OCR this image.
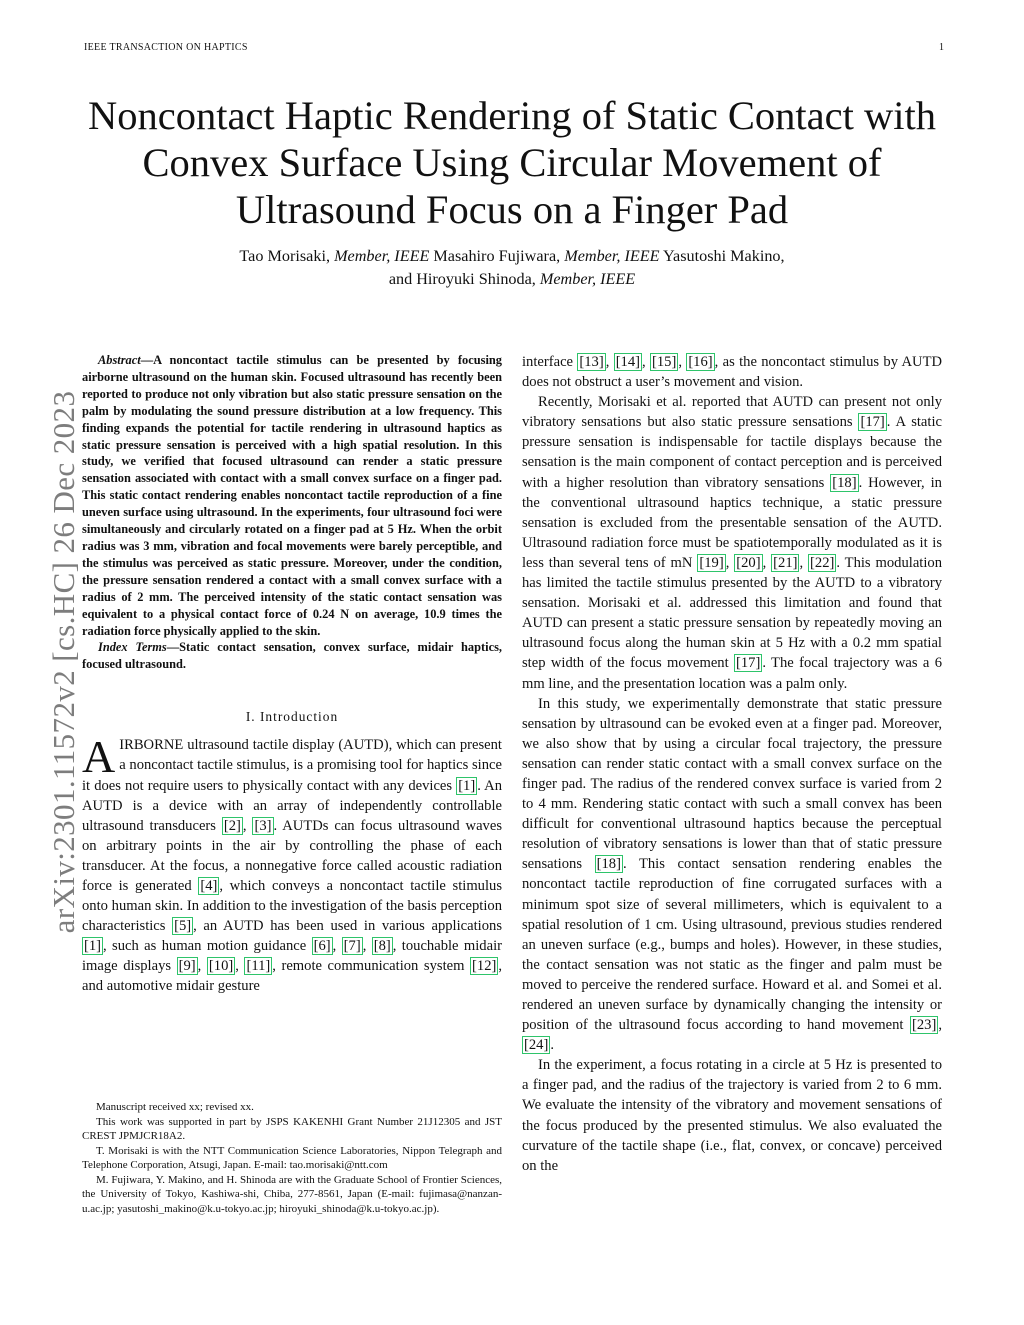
IEEE TRANSACTION ON HAPTICS	1
arXiv:2301.11572v2 [cs.HC] 26 Dec 2023
Noncontact Haptic Rendering of Static Contact with
Convex Surface Using Circular Movement of
Ultrasound Focus on a Finger Pad
Tao Morisaki, Member, IEEE Masahiro Fujiwara, Member, IEEE Yasutoshi Makino,
and Hiroyuki Shinoda, Member, IEEE

Abstract—A noncontact tactile stimulus can be presented by focusing airborne ultrasound on the human skin. Focused ultrasound has recently been reported to produce not only vibration but also static pressure sensation on the palm by modulating the sound pressure distribution at a low frequency. This finding expands the potential for tactile rendering in ultrasound haptics as static pressure sensation is perceived with a high spatial resolution. In this study, we verified that focused ultrasound can render a static pressure sensation associated with contact with a small convex surface on a finger pad. This static contact rendering enables noncontact tactile reproduction of a fine uneven surface using ultrasound. In the experiments, four ultrasound foci were simultaneously and circularly rotated on a finger pad at 5 Hz. When the orbit radius was 3 mm, vibration and focal movements were barely perceptible, and the stimulus was perceived as static pressure. Moreover, under the condition, the pressure sensation rendered a contact with a small convex surface with a radius of 2 mm. The perceived intensity of the static contact sensation was equivalent to a physical contact force of 0.24 N on average, 10.9 times the radiation force physically applied to the skin.

Index Terms—Static contact sensation, convex surface, midair haptics, focused ultrasound.

I. Introduction

AIRBORNE ultrasound tactile display (AUTD), which can present a noncontact tactile stimulus, is a promising tool for haptics since it does not require users to physically contact with any devices [1] . An AUTD is a device with an array of independently controllable ultrasound transducers [2] , [3] . AUTDs can focus ultrasound waves on arbitrary points in the air by controlling the phase of each transducer. At the focus, a nonnegative force called acoustic radiation force is generated [4] , which conveys a noncontact tactile stimulus onto human skin. In addition to the investigation of the basis perception characteristics [5] , an AUTD has been used in various applications [1] , such as human motion guidance [6] , [7] , [8] , touchable midair image displays [9] , [10] , [11] , remote communication system [12] , and automotive midair gesture

Manuscript received xx; revised xx.

This work was supported in part by JSPS KAKENHI Grant Number 21J12305 and JST CREST JPMJCR18A2.

T. Morisaki is with the NTT Communication Science Laboratories, Nippon Telegraph and Telephone Corporation, Atsugi, Japan. E-mail: tao.morisaki@ntt.com

M. Fujiwara, Y. Makino, and H. Shinoda are with the Graduate School of Frontier Sciences, the University of Tokyo, Kashiwa-shi, Chiba, 277-8561, Japan (E-mail: fujimasa@nanzan-u.ac.jp; yasutoshi_makino@k.u-tokyo.ac.jp; hiroyuki_shinoda@k.u-tokyo.ac.jp).

interface [13] , [14] , [15] , [16] , as the noncontact stimulus by AUTD does not obstruct a user’s movement and vision.

Recently, Morisaki et al. reported that AUTD can present not only vibratory sensations but also static pressure sensations [17] . A static pressure sensation is indispensable for tactile displays because the sensation is the main component of contact perception and is perceived with a higher resolution than vibratory sensations [18] . However, in the conventional ultrasound haptics technique, a static pressure sensation is excluded from the presentable sensation of the AUTD. Ultrasound radiation force must be spatiotemporally modulated as it is less than several tens of mN [19] , [20] , [21] , [22] . This modulation has limited the tactile stimulus presented by the AUTD to a vibratory sensation. Morisaki et al. addressed this limitation and found that AUTD can present a static pressure sensation by repeatedly moving an ultrasound focus along the human skin at 5 Hz with a 0.2 mm spatial step width of the focus movement [17] . The focal trajectory was a 6 mm line, and the presentation location was a palm only.

In this study, we experimentally demonstrate that static pressure sensation by ultrasound can be evoked even at a finger pad. Moreover, we also show that by using a circular focal trajectory, the pressure sensation can render static contact with a small convex surface on the finger pad. The radius of the rendered convex surface is varied from 2 to 4 mm. Rendering static contact with such a small convex has been difficult for conventional ultrasound haptics because the perceptual resolution of vibratory sensations is lower than that of static pressure sensations [18] . This contact sensation rendering enables the noncontact tactile reproduction of fine corrugated surfaces with a minimum spot size of several millimeters, which is equivalent to a spatial resolution of 1 cm. Using ultrasound, previous studies rendered an uneven surface (e.g., bumps and holes). However, in these studies, the contact sensation was not static as the finger and palm must be moved to perceive the rendered surface. Howard et al. and Somei et al. rendered an uneven surface by dynamically changing the intensity or position of the ultrasound focus according to hand movement [23] , [24] .

In the experiment, a focus rotating in a circle at 5 Hz is presented to a finger pad, and the radius of the trajectory is varied from 2 to 6 mm. We evaluate the intensity of the vibratory and movement sensations of the focus produced by the presented stimulus. We also evaluated the curvature of the tactile shape (i.e., flat, convex, or concave) perceived on the
